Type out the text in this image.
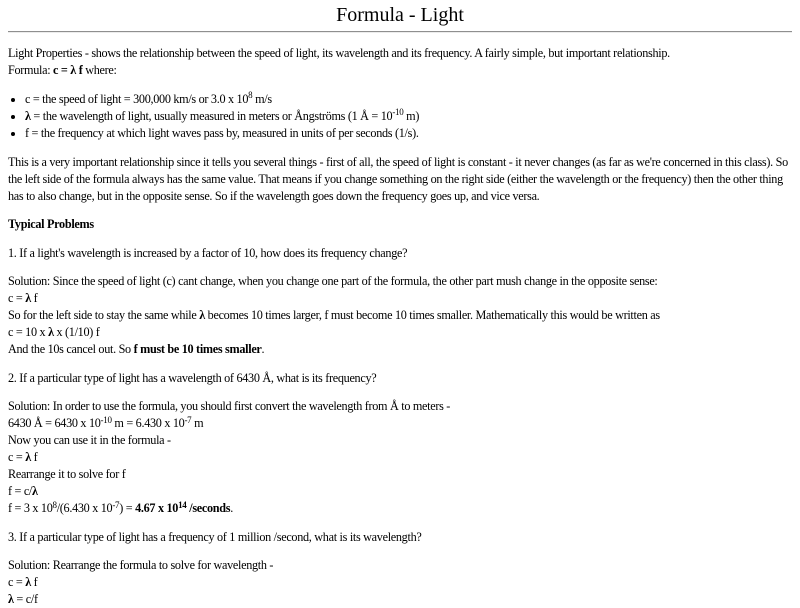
Formula - Light

Light Properties - shows the relationship between the speed of light, its wavelength and its frequency. A fairly simple, but important relationship.
Formula: c = λ f where:

• c = the speed of light = 300,000 km/s or 3.0 x $10^8$ m/s
• λ = the wavelength of light, usually measured in meters or Ångströms (1 Å = $10^{-10}$ m)
• f = the frequency at which light waves pass by, measured in units of per seconds (1/s).

This is a very important relationship since it tells you several things - first of all, the speed of light is constant - it never changes (as far as we're concerned in this class). So the left side of the formula always has the same value. That means if you change something on the right side (either the wavelength or the frequency) then the other thing has to also change, but in the opposite sense. So if the wavelength goes down the frequency goes up, and vice versa.

Typical Problems

1. If a light's wavelength is increased by a factor of 10, how does its frequency change?

Solution: Since the speed of light (c) cant change, when you change one part of the formula, the other part mush change in the opposite sense:
c = λ f
So for the left side to stay the same while λ becomes 10 times larger, f must become 10 times smaller. Mathematically this would be written as
c = 10 x λ x (1/10) f
And the 10s cancel out. So f must be 10 times smaller.

2. If a particular type of light has a wavelength of 6430 Å, what is its frequency?

Solution: In order to use the formula, you should first convert the wavelength from Å to meters -
6430 Å = 6430 x $10^{-10}$ m = 6.430 x $10^{-7}$ m
Now you can use it in the formula -
c = λ f
Rearrange it to solve for f
f = c/λ
f = 3 x $10^8/(6.430$ x $10^{-7}) = 4.67$ x $10^{14}$ /seconds.

3. If a particular type of light has a frequency of 1 million /second, what is its wavelength?

Solution: Rearrange the formula to solve for wavelength -
c = λ f
λ = c/f
